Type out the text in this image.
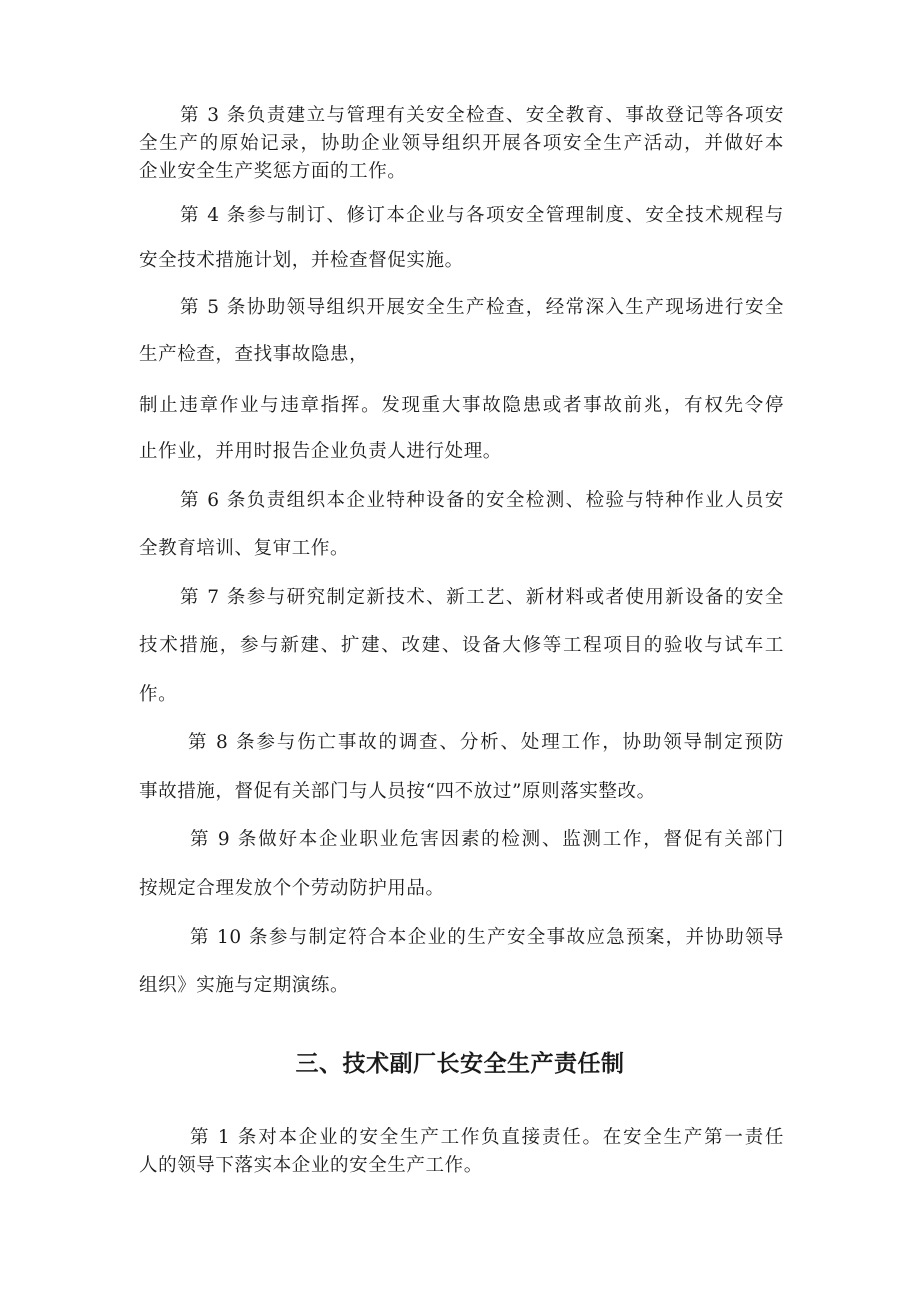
第 3 条负责建立与管理有关安全检查、安全教育、事故登记等各项安
全生产的原始记录，协助企业领导组织开展各项安全生产活动，并做好本
企业安全生产奖惩方面的工作。
第 4 条参与制订、修订本企业与各项安全管理制度、安全技术规程与
安全技术措施计划，并检查督促实施。
第 5 条协助领导组织开展安全生产检查，经常深入生产现场进行安全
生产检查，查找事故隐患，
制止违章作业与违章指挥。发现重大事故隐患或者事故前兆，有权先令停
止作业，并用时报告企业负责人进行处理。
第 6 条负责组织本企业特种设备的安全检测、检验与特种作业人员安
全教育培训、复审工作。
第 7 条参与研究制定新技术、新工艺、新材料或者使用新设备的安全
技术措施，参与新建、扩建、改建、设备大修等工程项目的验收与试车工
作。
第 8 条参与伤亡事故的调查、分析、处理工作，协助领导制定预防
事故措施，督促有关部门与人员按“四不放过”原则落实整改。
第 9 条做好本企业职业危害因素的检测、监测工作，督促有关部门
按规定合理发放个个劳动防护用品。
第 10 条参与制定符合本企业的生产安全事故应急预案，并协助领导
组织》实施与定期演练。
三、技术副厂长安全生产责任制
第 1 条对本企业的安全生产工作负直接责任。在安全生产第一责任
人的领导下落实本企业的安全生产工作。
